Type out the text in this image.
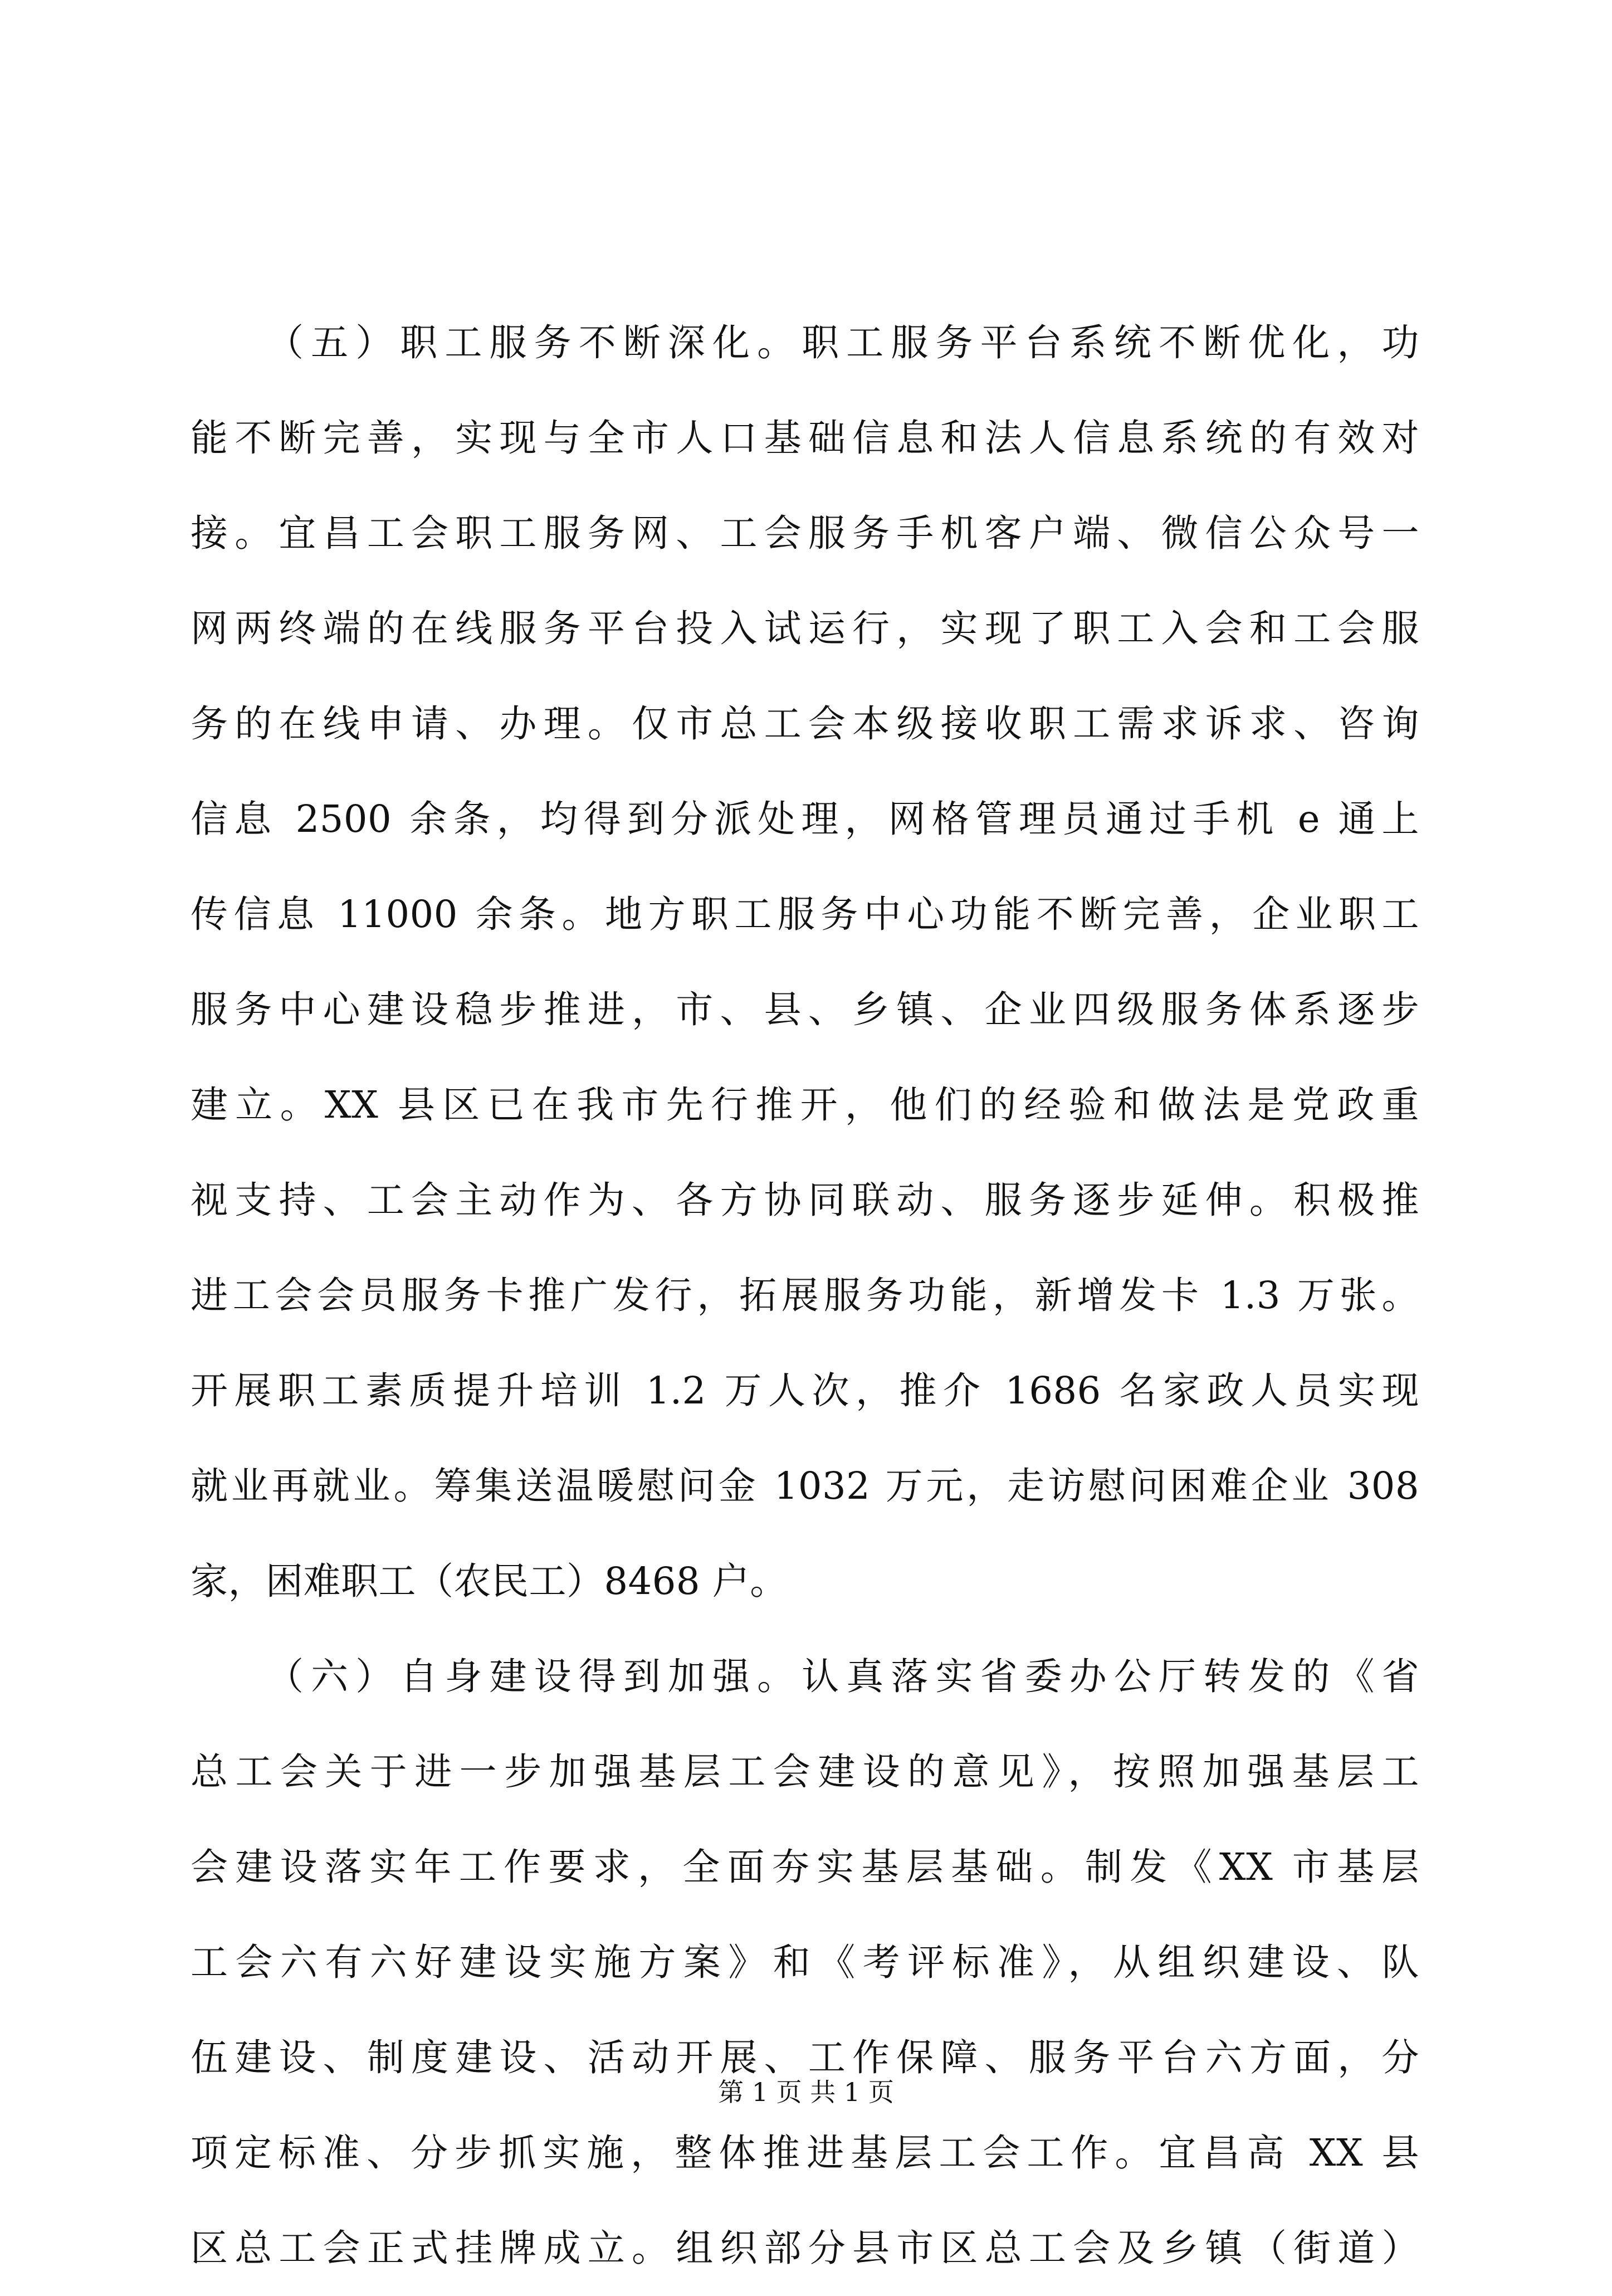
（五）职工服务不断深化。职工服务平台系统不断优化，功
能不断完善，实现与全市人口基础信息和法人信息系统的有效对
接。宜昌工会职工服务网、工会服务手机客户端、微信公众号一
网两终端的在线服务平台投入试运行，实现了职工入会和工会服
务的在线申请、办理。仅市总工会本级接收职工需求诉求、咨询
信息 2500 余条，均得到分派处理，网格管理员通过手机 e 通上
传信息 11000 余条。地方职工服务中心功能不断完善，企业职工
服务中心建设稳步推进，市、县、乡镇、企业四级服务体系逐步
建立。XX 县区已在我市先行推开，他们的经验和做法是党政重
视支持、工会主动作为、各方协同联动、服务逐步延伸。积极推
进工会会员服务卡推广发行，拓展服务功能，新增发卡 1.3 万张。
开展职工素质提升培训 1.2 万人次，推介 1686 名家政人员实现
就业再就业。筹集送温暖慰问金 1032 万元，走访慰问困难企业 308
家，困难职工（农民工）8468 户。
（六）自身建设得到加强。认真落实省委办公厅转发的《省
总工会关于进一步加强基层工会建设的意见》，按照加强基层工
会建设落实年工作要求，全面夯实基层基础。制发《XX 市基层
工会六有六好建设实施方案》和《考评标准》，从组织建设、队
伍建设、制度建设、活动开展、工作保障、服务平台六方面，分
项定标准、分步抓实施，整体推进基层工会工作。宜昌高 XX 县
区总工会正式挂牌成立。组织部分县市区总工会及乡镇（街道）
第 1 页 共 1 页
